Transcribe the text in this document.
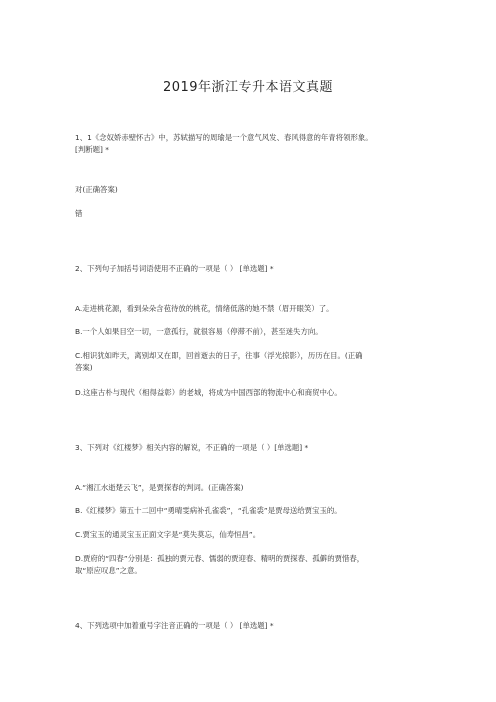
2019年浙江专升本语文真题
1、1《念奴娇赤壁怀古》中，苏轼描写的周瑜是一个意气风发、春风得意的年青将领形象。
[判断题] *
对(正确答案)
错
2、下列句子加括号词语使用不正确的一项是（ ） [单选题] *
A.走进桃花源，看到朵朵含苞待放的桃花，情绪低落的她不禁（眉开眼笑）了。
B.一个人如果目空一切，一意孤行，就很容易（停滞不前），甚至迷失方向。
C.相识犹如昨天，离别却又在即，回首逝去的日子，往事（浮光掠影），历历在目。(正确
答案)
D.这座古朴与现代（相得益彰）的老城，将成为中国西部的物流中心和商贸中心。
3、下列对《红楼梦》相关内容的解说，不正确的一项是（ ）[单选题] *
A.“湘江水逝楚云飞”，是贾探春的判词。(正确答案)
B.《红楼梦》第五十二回中“勇晴雯病补孔雀裘”，“孔雀裘”是贾母送给贾宝玉的。
C.贾宝玉的通灵宝玉正面文字是“莫失莫忘，仙寿恒昌”。
D.贾府的“四春”分别是：孤独的贾元春、懦弱的贾迎春、精明的贾探春、孤僻的贾惜春，
取“原应叹息”之意。
4、下列选项中加着重号字注音正确的一项是（ ） [单选题] *
